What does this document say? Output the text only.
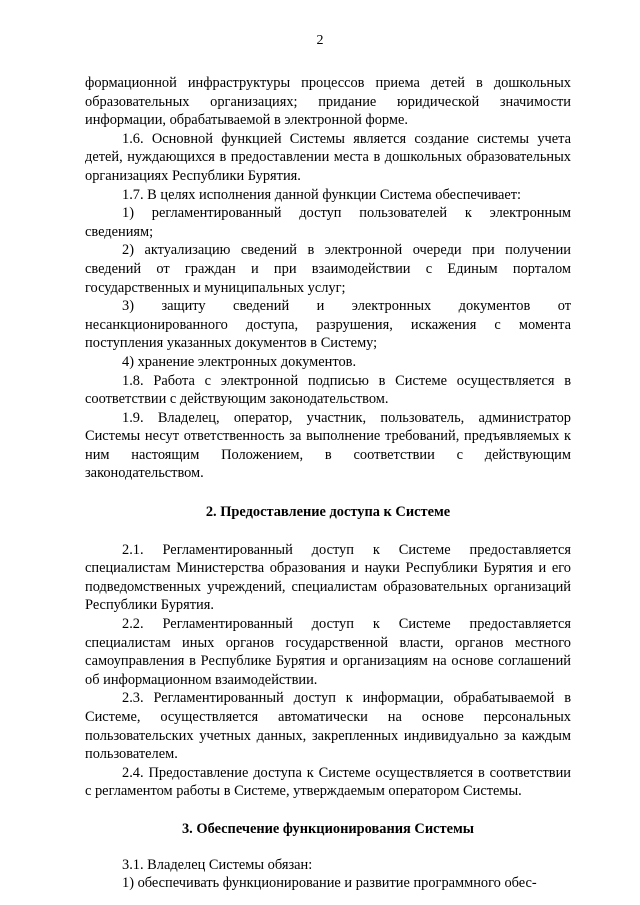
2

формационной инфраструктуры процессов приема детей в дошкольных образовательных организациях; придание юридической значимости информации, обрабатываемой в электронной форме.

1.6. Основной функцией Системы является создание системы учета детей, нуждающихся в предоставлении места в дошкольных образовательных организациях Республики Бурятия.

1.7. В целях исполнения данной функции Система обеспечивает:

1) регламентированный доступ пользователей к электронным сведениям;

2) актуализацию сведений в электронной очереди при получении сведений от граждан и при взаимодействии с Единым порталом государственных и муниципальных услуг;

3) защиту сведений и электронных документов от несанкционированного доступа, разрушения, искажения с момента поступления указанных документов в Систему;

4) хранение электронных документов.

1.8. Работа с электронной подписью в Системе осуществляется в соответствии с действующим законодательством.

1.9. Владелец, оператор, участник, пользователь, администратор Системы несут ответственность за выполнение требований, предъявляемых к ним настоящим Положением, в соответствии с действующим законодательством.

2. Предоставление доступа к Системе

2.1. Регламентированный доступ к Системе предоставляется специалистам Министерства образования и науки Республики Бурятия и его подведомственных учреждений, специалистам образовательных организаций Республики Бурятия.

2.2. Регламентированный доступ к Системе предоставляется специалистам иных органов государственной власти, органов местного самоуправления в Республике Бурятия и организациям на основе соглашений об информационном взаимодействии.

2.3. Регламентированный доступ к информации, обрабатываемой в Системе, осуществляется автоматически на основе персональных пользовательских учетных данных, закрепленных индивидуально за каждым пользователем.

2.4. Предоставление доступа к Системе осуществляется в соответствии с регламентом работы в Системе, утверждаемым оператором Системы.

3. Обеспечение функционирования Системы

3.1. Владелец Системы обязан:

1) обеспечивать функционирование и развитие программного обес-
